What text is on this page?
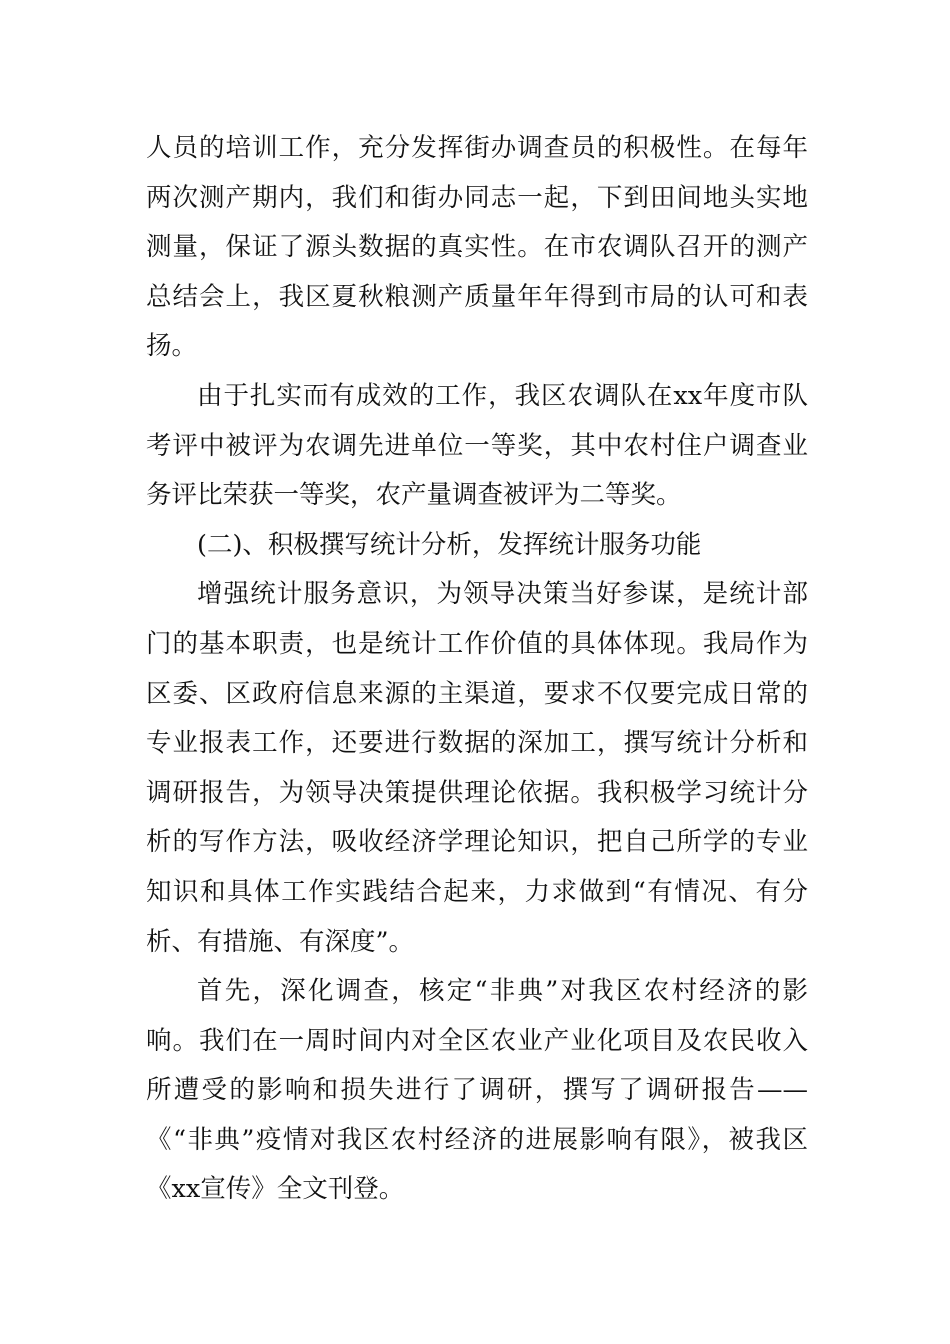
人员的培训工作，充分发挥街办调查员的积极性。在每年两次测产期内，我们和街办同志一起，下到田间地头实地测量，保证了源头数据的真实性。在市农调队召开的测产总结会上，我区夏秋粮测产质量年年得到市局的认可和表扬。

由于扎实而有成效的工作，我区农调队在xx年度市队考评中被评为农调先进单位一等奖，其中农村住户调查业务评比荣获一等奖，农产量调查被评为二等奖。

(二)、积极撰写统计分析，发挥统计服务功能

增强统计服务意识，为领导决策当好参谋，是统计部门的基本职责，也是统计工作价值的具体体现。我局作为区委、区政府信息来源的主渠道，要求不仅要完成日常的专业报表工作，还要进行数据的深加工，撰写统计分析和调研报告，为领导决策提供理论依据。我积极学习统计分析的写作方法，吸收经济学理论知识，把自己所学的专业知识和具体工作实践结合起来，力求做到“有情况、有分析、有措施、有深度”。

首先，深化调查，核定“非典”对我区农村经济的影响。我们在一周时间内对全区农业产业化项目及农民收入所遭受的影响和损失进行了调研，撰写了调研报告——《“非典”疫情对我区农村经济的进展影响有限》，被我区《xx宣传》全文刊登。
